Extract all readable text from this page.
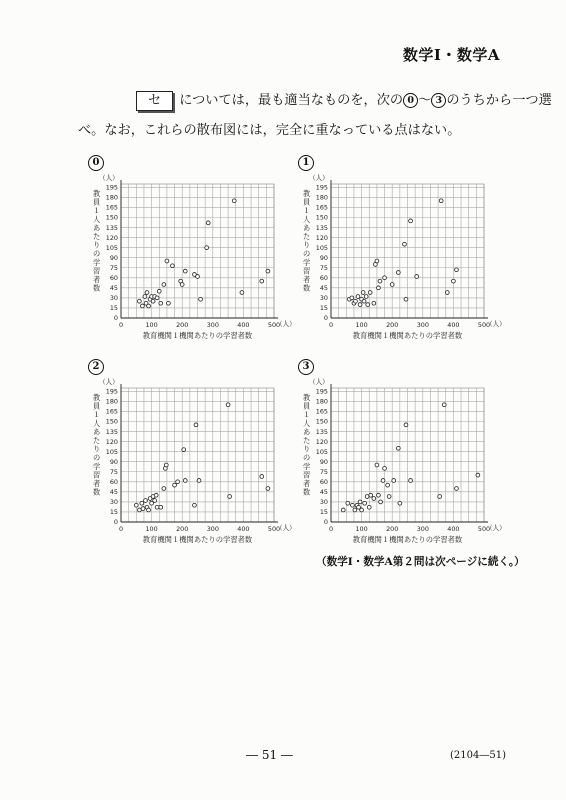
数学Ⅰ・数学A
セ については，最も適当なものを，次の 0 ～ 3 のうちから一つ選
べ。なお，これらの散布図には，完全に重なっている点はない。
0	1
2	3
0
15
30
45
60
75
90
105
120
135
150
165
180
195
0	100	200	300	400	500
（人）
（人）
教育機関１機関あたりの学習者数
教員１人あたりの学習者数
0
15
30
45
60
75
90
105
120
135
150
165
180
195
0	100	200	300	400	500
（人）
（人）
教育機関１機関あたりの学習者数
教員１人あたりの学習者数
0
15
30
45
60
75
90
105
120
135
150
165
180
195
0	100	200	300	400	500
（人）
（人）
教育機関１機関あたりの学習者数
教員１人あたりの学習者数
0
15
30
45
60
75
90
105
120
135
150
165
180
195
0	100	200	300	400	500
（人）
（人）
教育機関１機関あたりの学習者数
教員１人あたりの学習者数
（数学Ⅰ・数学A第２問は次ページに続く。）
― 51 ―	(2104―51)
